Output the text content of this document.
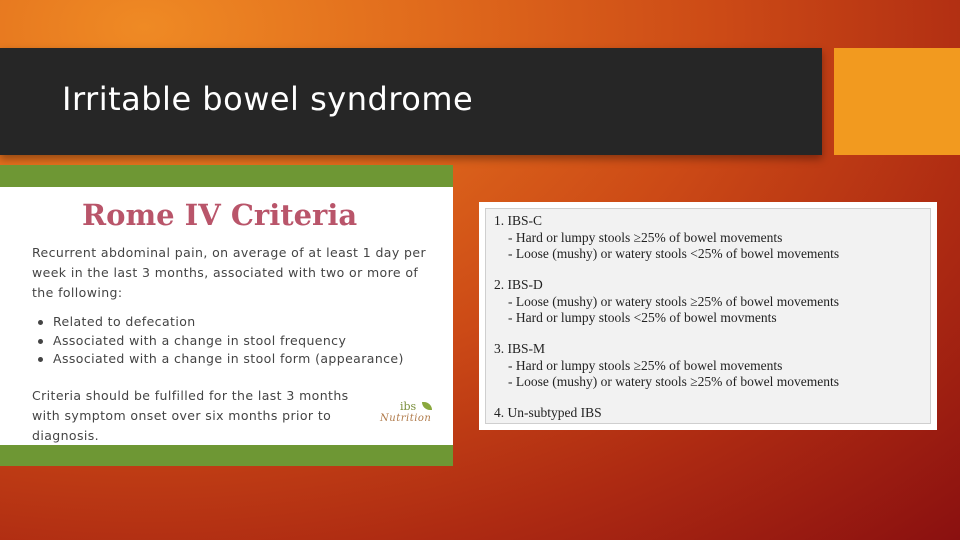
Irritable bowel syndrome
Rome IV Criteria
Recurrent abdominal pain, on average of at least 1 day per week in the last 3 months, associated with two or more of the following:
Related to defecation
Associated with a change in stool frequency
Associated with a change in stool form (appearance)
Criteria should be fulfilled for the last 3 months with symptom onset over six months prior to diagnosis.
ibs
Nutrition
1. IBS-C
- Hard or lumpy stools ≥25% of bowel movements
- Loose (mushy) or watery stools <25% of bowel movements
2. IBS-D
- Loose (mushy) or watery stools ≥25% of bowel movements
- Hard or lumpy stools <25% of bowel movments
3. IBS-M
- Hard or lumpy stools ≥25% of bowel movements
- Loose (mushy) or watery stools ≥25% of bowel movements
4. Un-subtyped IBS
